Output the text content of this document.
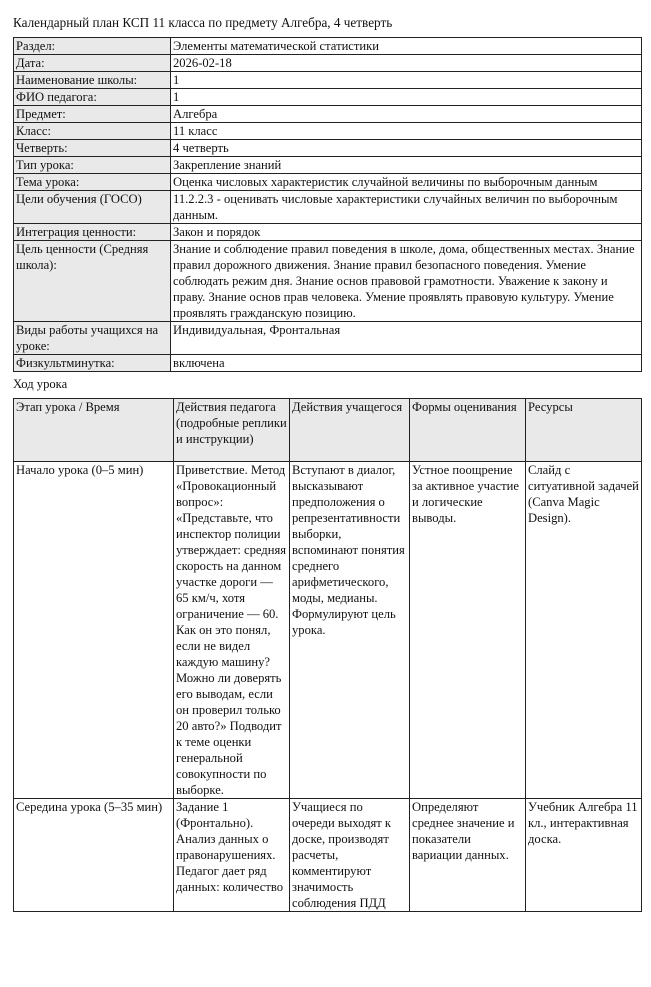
Календарный план КСП 11 класса по предмету Алгебра, 4 четверть
Раздел:	Элементы математической статистики
Дата:	2026-02-18
Наименование школы:	1
ФИО педагога:	1
Предмет:	Алгебра
Класс:	11 класс
Четверть:	4 четверть
Тип урока:	Закрепление знаний
Тема урока:	Оценка числовых характеристик случайной величины по выборочным данным
Цели обучения (ГОСО)	11.2.2.3 - оценивать числовые характеристики случайных величин по выборочным данным.
Интеграция ценности:	Закон и порядок
Цель ценности (Средняя школа):	Знание и соблюдение правил поведения в школе, дома, общественных местах. Знание правил дорожного движения. Знание правил безопасного поведения. Умение соблюдать режим дня. Знание основ правовой грамотности. Уважение к закону и праву. Знание основ прав человека. Умение проявлять правовую культуру. Умение проявлять гражданскую позицию.
Виды работы учащихся на уроке:	Индивидуальная, Фронтальная
Физкультминутка:	включена
Ход урока
Этап урока / Время	Действия педагога (подробные реплики и инструкции)	Действия учащегося	Формы оценивания	Ресурсы
Начало урока (0–5 мин)	Приветствие. Метод «Провокационный вопрос»: «Представьте, что инспектор полиции утверждает: средняя скорость на данном участке дороги — 65 км/ч, хотя ограничение — 60. Как он это понял, если не видел каждую машину? Можно ли доверять его выводам, если он проверил только 20 авто?» Подводит к теме оценки генеральной совокупности по выборке.	Вступают в диалог, высказывают предположения о репрезентативности выборки, вспоминают понятия среднего арифметического, моды, медианы. Формулируют цель урока.	Устное поощрение за активное участие и логические выводы.	Слайд с ситуативной задачей (Canva Magic Design).
Середина урока (5–35 мин)	Задание 1 (Фронтально). Анализ данных о правонарушениях. Педагог дает ряд данных: количество	Учащиеся по очереди выходят к доске, производят расчеты, комментируют значимость соблюдения ПДД	Определяют среднее значение и показатели вариации данных.	Учебник Алгебра 11 кл., интерактивная доска.
